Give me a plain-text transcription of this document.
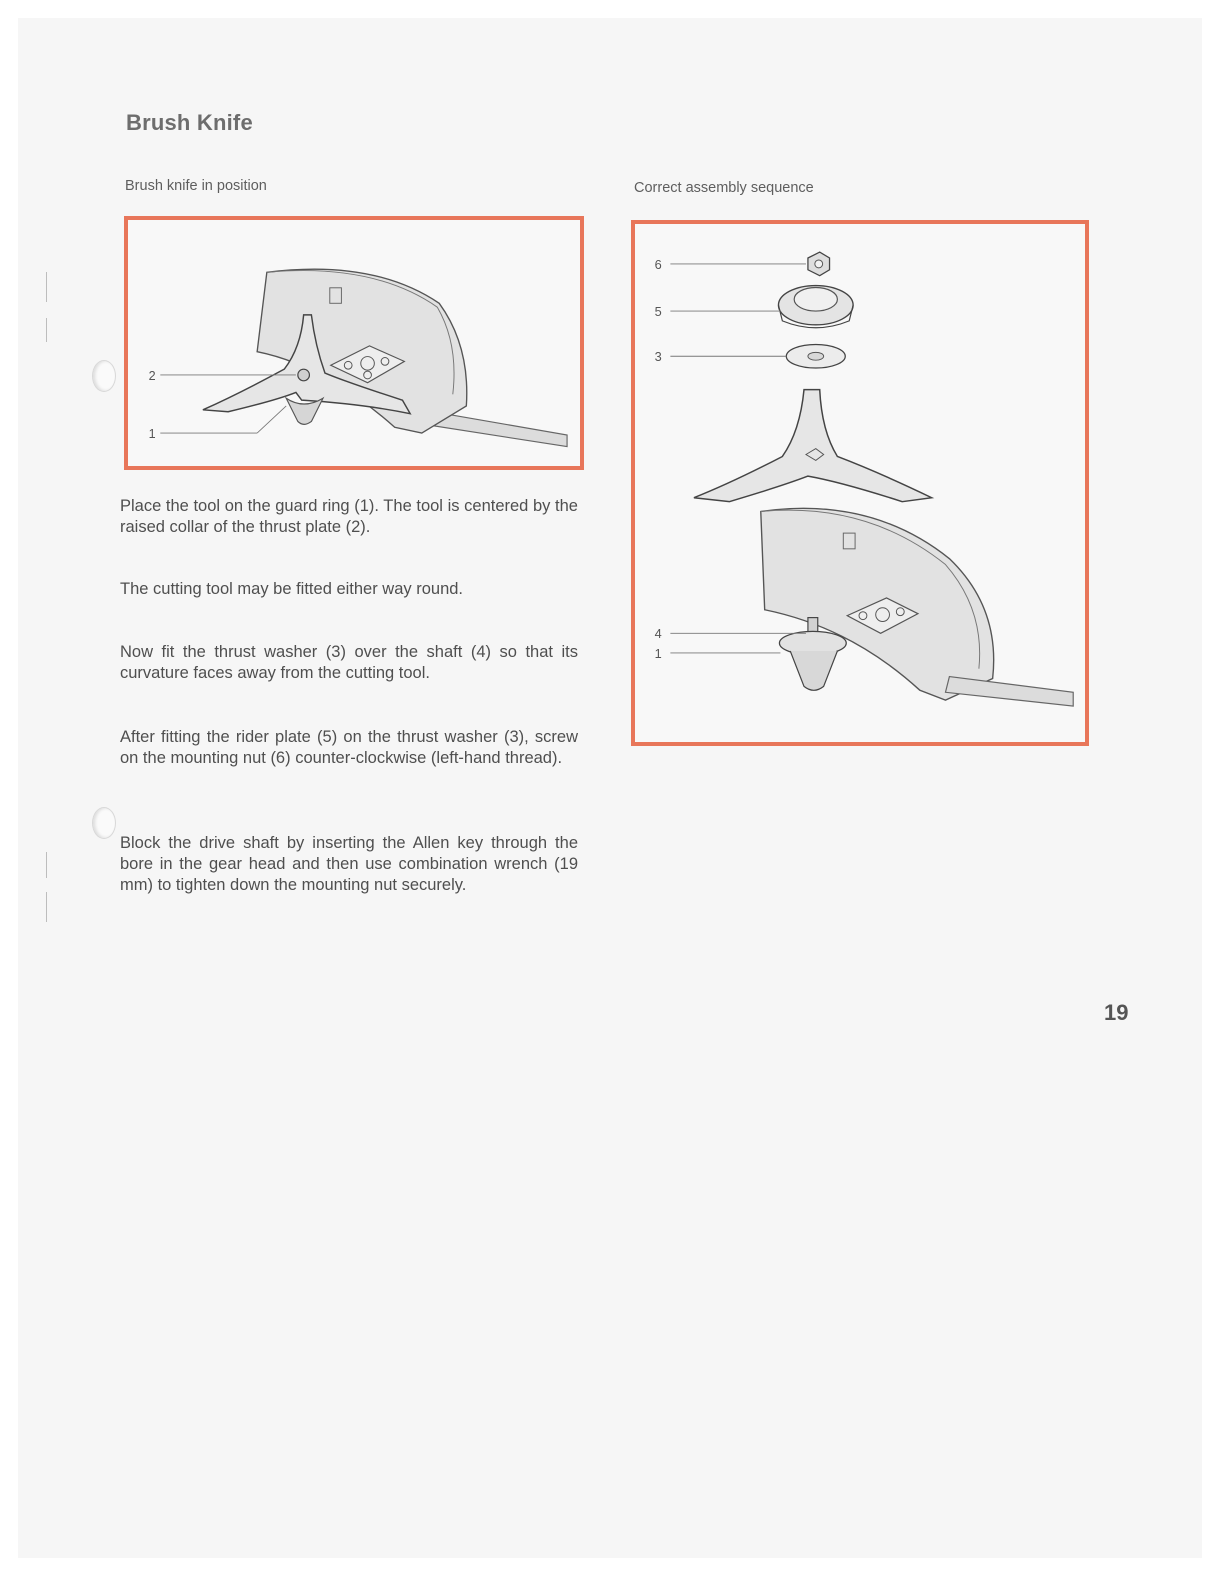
Brush Knife

Brush knife in position	Correct assembly sequence

2
1
6
5
3
4
1

Place the tool on the guard ring (1). The tool is centered by the raised collar of the thrust plate (2).

The cutting tool may be fitted either way round.

Now fit the thrust washer (3) over the shaft (4) so that its curvature faces away from the cutting tool.

After fitting the rider plate (5) on the thrust washer (3), screw on the mounting nut (6) counter-clockwise (left-hand thread).

Block the drive shaft by inserting the Allen key through the bore in the gear head and then use combination wrench (19 mm) to tighten down the mounting nut securely.

19
